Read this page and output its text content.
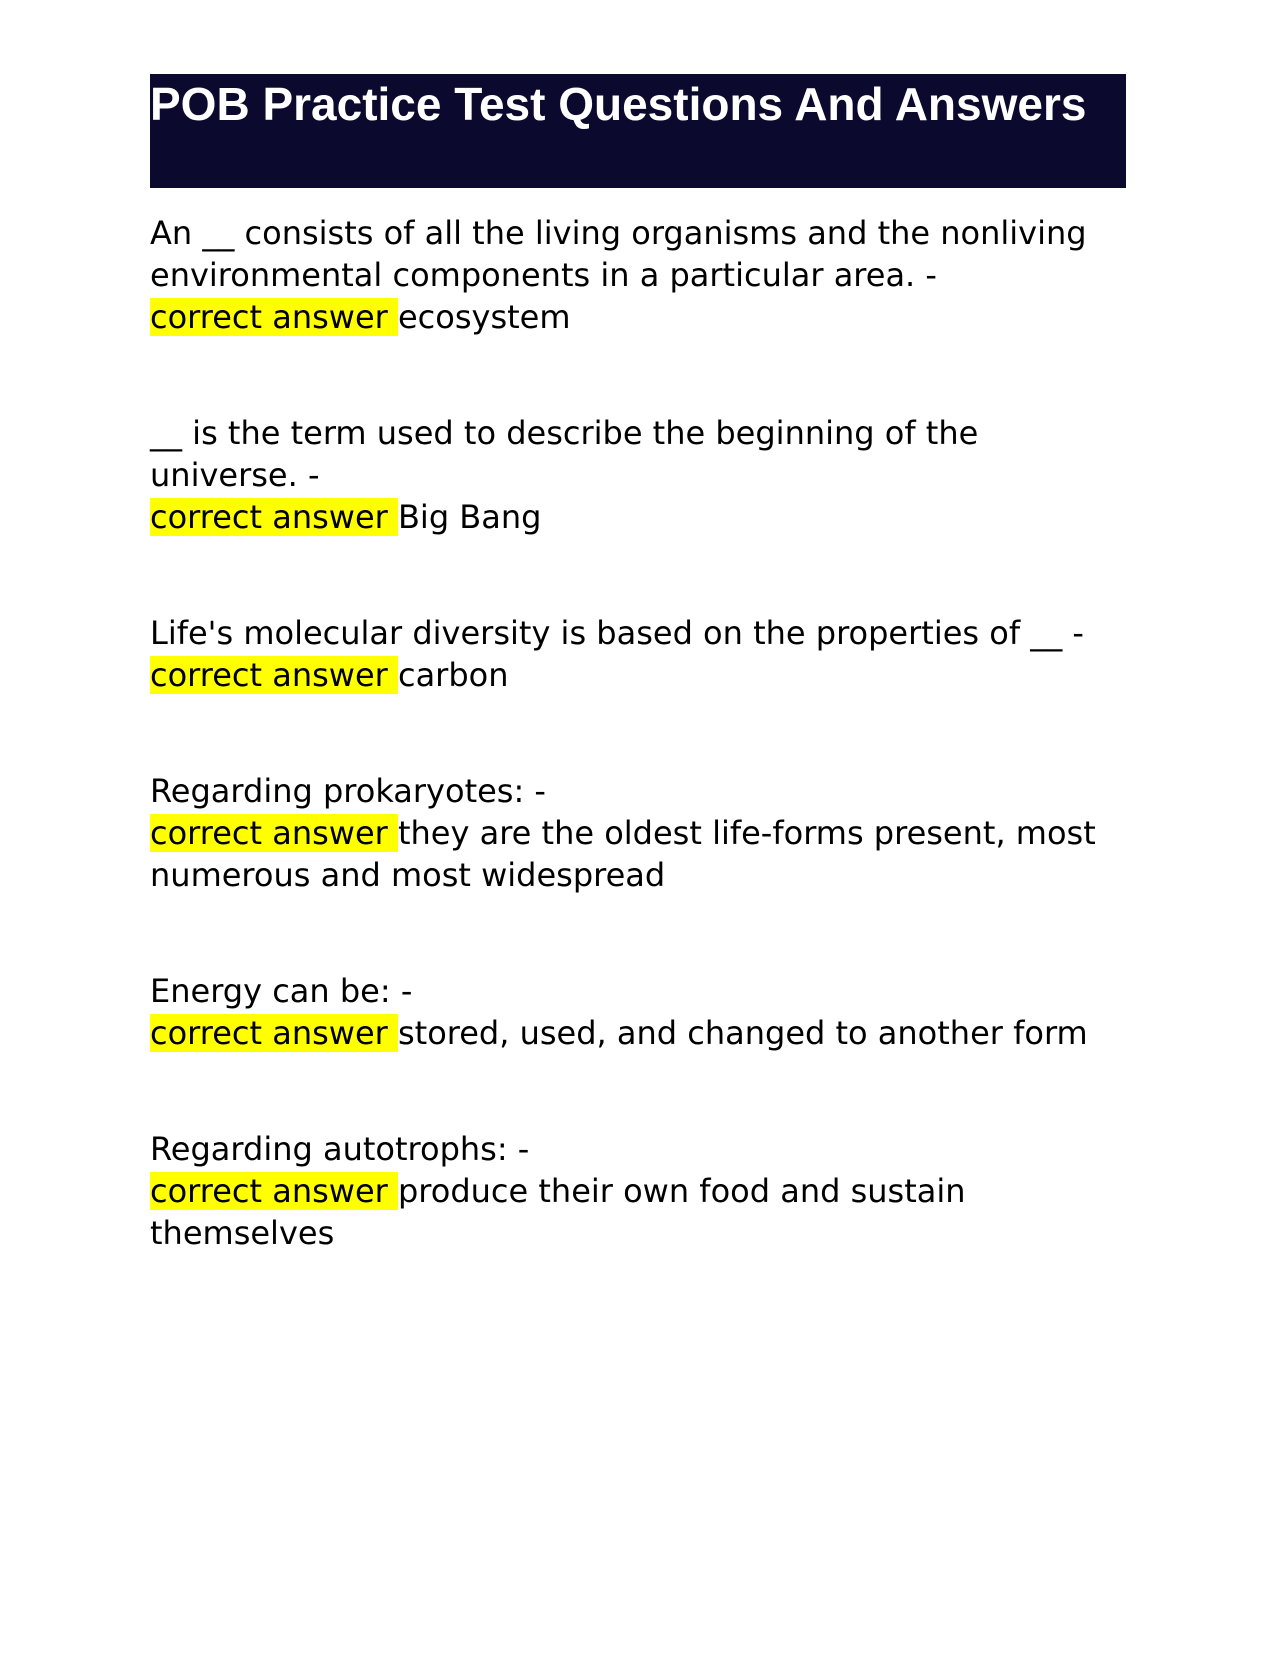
POB Practice Test Questions And Answers
An __ consists of all the living organisms and the nonliving environmental components in a particular area. -
correct answer ecosystem
__ is the term used to describe the beginning of the universe. -
correct answer Big Bang
Life's molecular diversity is based on the properties of __ -
correct answer carbon
Regarding prokaryotes: -
correct answer they are the oldest life-forms present, most numerous and most widespread
Energy can be: -
correct answer stored, used, and changed to another form
Regarding autotrophs: -
correct answer produce their own food and sustain themselves
